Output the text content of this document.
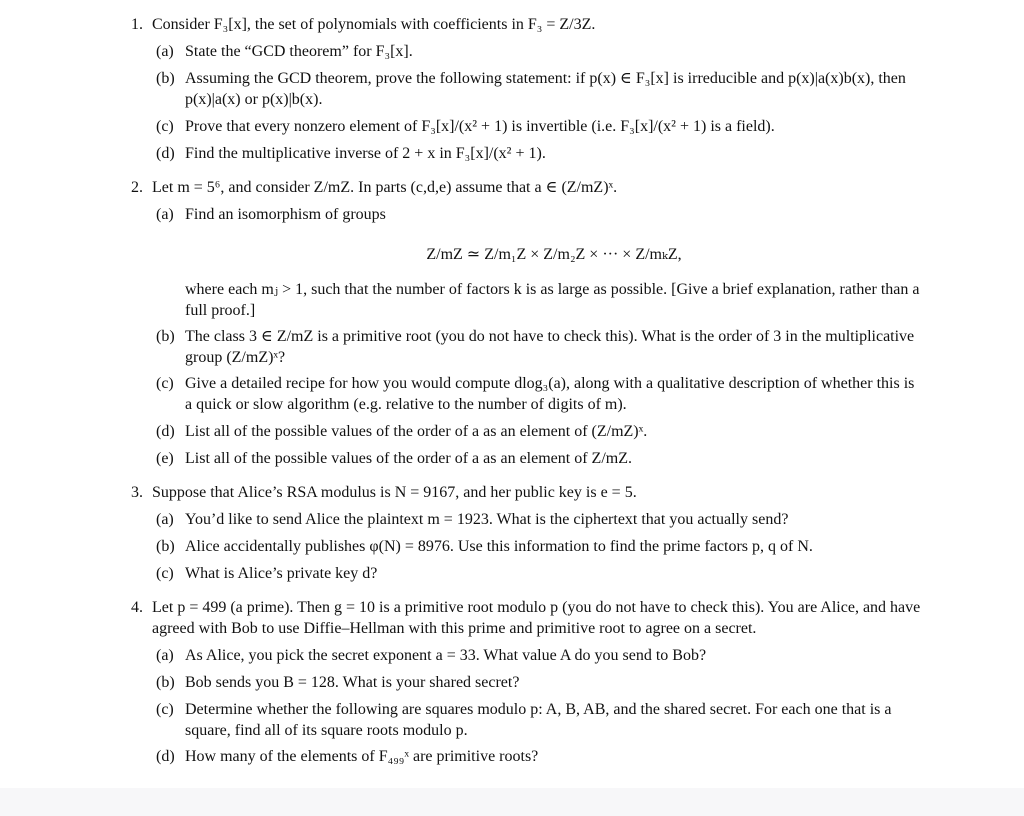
1. Consider F₃[x], the set of polynomials with coefficients in F₃ = Z/3Z.
(a) State the “GCD theorem” for F₃[x].
(b) Assuming the GCD theorem, prove the following statement: if p(x) ∈ F₃[x] is irreducible and p(x)|a(x)b(x), then p(x)|a(x) or p(x)|b(x).
(c) Prove that every nonzero element of F₃[x]/(x² + 1) is invertible (i.e. F₃[x]/(x² + 1) is a field).
(d) Find the multiplicative inverse of 2 + x in F₃[x]/(x² + 1).
2. Let m = 5⁶, and consider Z/mZ. In parts (c,d,e) assume that a ∈ (Z/mZ)ˣ.
(a) Find an isomorphism of groups
Z/mZ ≃ Z/m₁Z × Z/m₂Z × ··· × Z/mₖZ,
where each mⱼ > 1, such that the number of factors k is as large as possible. [Give a brief explanation, rather than a full proof.]
(b) The class 3 ∈ Z/mZ is a primitive root (you do not have to check this). What is the order of 3 in the multiplicative group (Z/mZ)ˣ?
(c) Give a detailed recipe for how you would compute dlog₃(a), along with a qualitative description of whether this is a quick or slow algorithm (e.g. relative to the number of digits of m).
(d) List all of the possible values of the order of a as an element of (Z/mZ)ˣ.
(e) List all of the possible values of the order of a as an element of Z/mZ.
3. Suppose that Alice’s RSA modulus is N = 9167, and her public key is e = 5.
(a) You’d like to send Alice the plaintext m = 1923. What is the ciphertext that you actually send?
(b) Alice accidentally publishes φ(N) = 8976. Use this information to find the prime factors p, q of N.
(c) What is Alice’s private key d?
4. Let p = 499 (a prime). Then g = 10 is a primitive root modulo p (you do not have to check this). You are Alice, and have agreed with Bob to use Diffie–Hellman with this prime and primitive root to agree on a secret.
(a) As Alice, you pick the secret exponent a = 33. What value A do you send to Bob?
(b) Bob sends you B = 128. What is your shared secret?
(c) Determine whether the following are squares modulo p: A, B, AB, and the shared secret. For each one that is a square, find all of its square roots modulo p.
(d) How many of the elements of F₄₉₉ˣ are primitive roots?
